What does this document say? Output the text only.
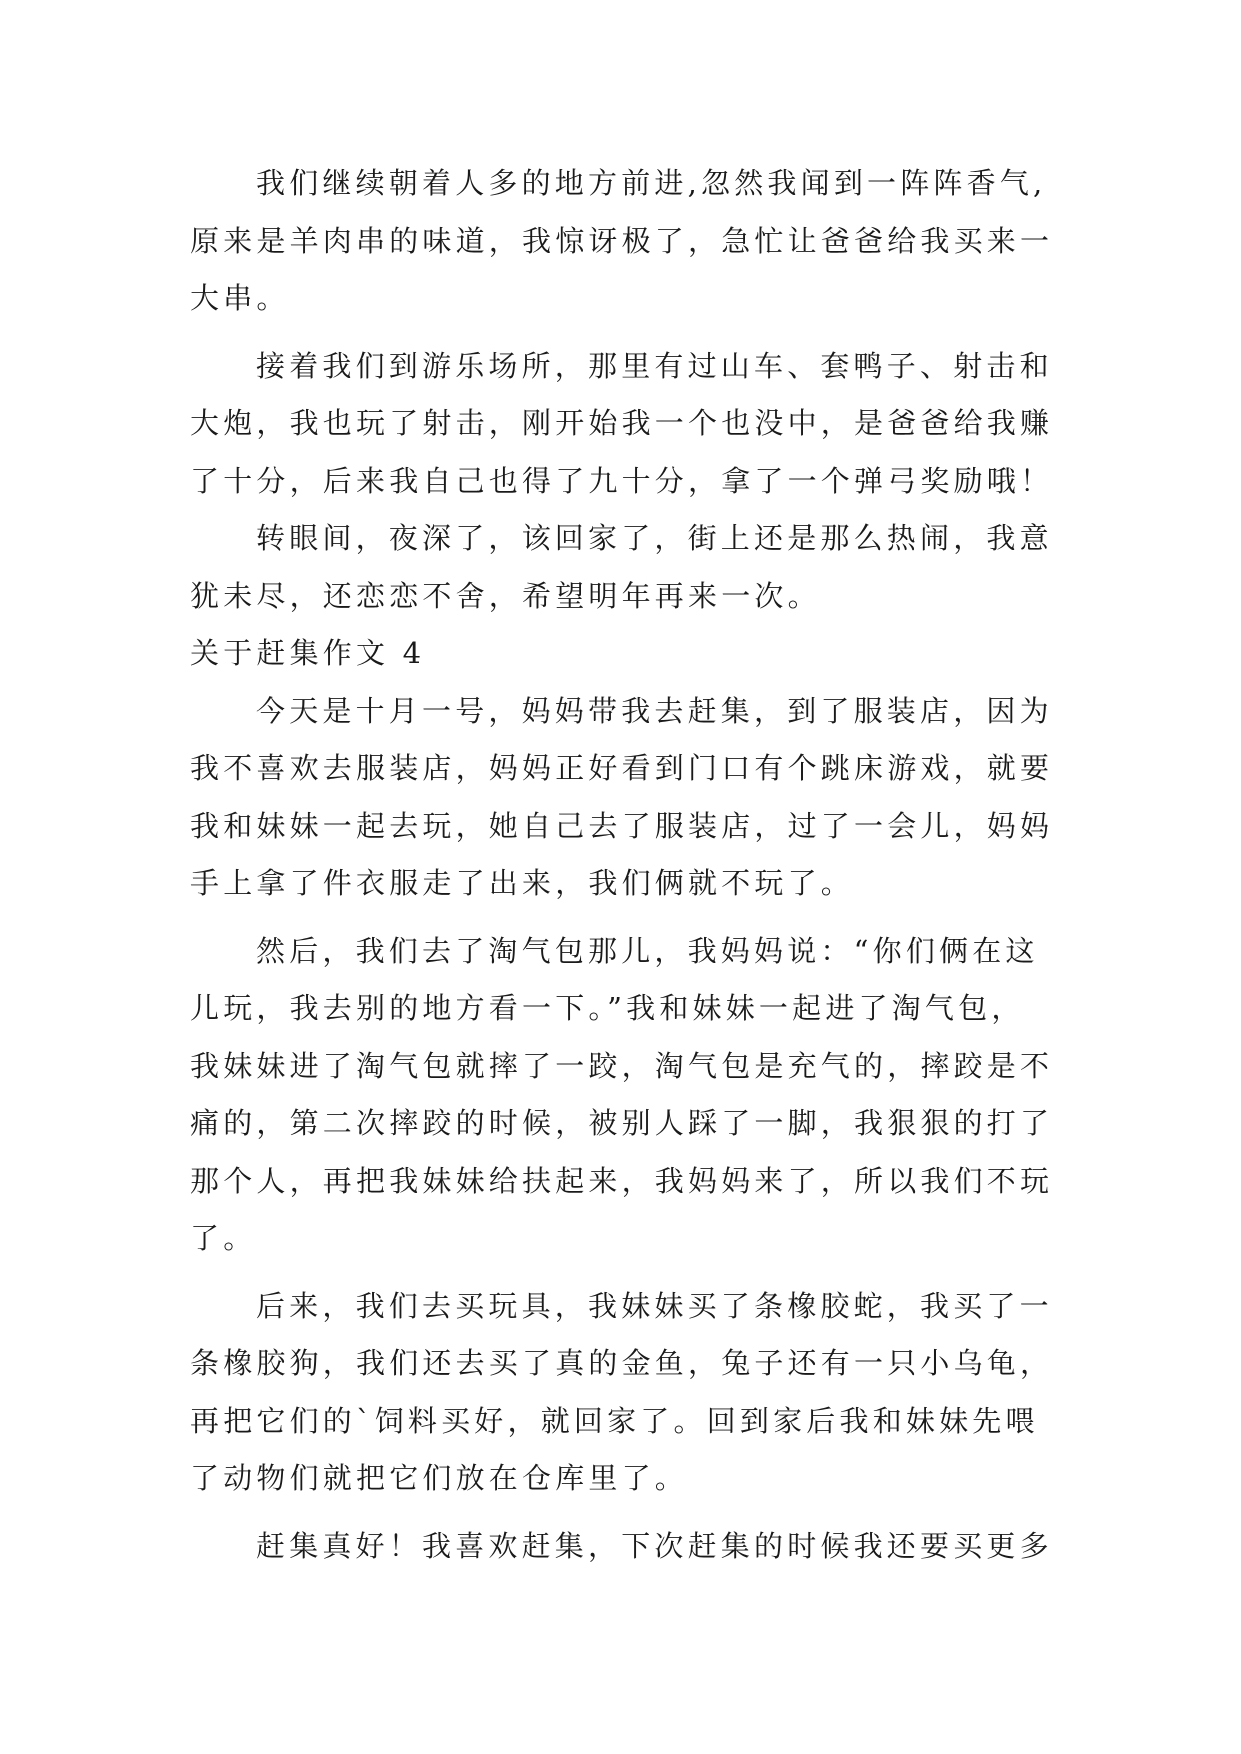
我们继续朝着人多的地方前进,忽然我闻到一阵阵香气,
原来是羊肉串的味道，我惊讶极了，急忙让爸爸给我买来一
大串。
接着我们到游乐场所，那里有过山车、套鸭子、射击和
大炮，我也玩了射击，刚开始我一个也没中，是爸爸给我赚
了十分，后来我自己也得了九十分，拿了一个弹弓奖励哦！
转眼间，夜深了，该回家了，街上还是那么热闹，我意
犹未尽，还恋恋不舍，希望明年再来一次。
关于赶集作文 4
今天是十月一号，妈妈带我去赶集，到了服装店，因为
我不喜欢去服装店，妈妈正好看到门口有个跳床游戏，就要
我和妹妹一起去玩，她自己去了服装店，过了一会儿，妈妈
手上拿了件衣服走了出来，我们俩就不玩了。
然后，我们去了淘气包那儿，我妈妈说：“你们俩在这
儿玩，我去别的地方看一下。”我和妹妹一起进了淘气包，
我妹妹进了淘气包就摔了一跤，淘气包是充气的，摔跤是不
痛的，第二次摔跤的时候，被别人踩了一脚，我狠狠的打了
那个人，再把我妹妹给扶起来，我妈妈来了，所以我们不玩
了。
后来，我们去买玩具，我妹妹买了条橡胶蛇，我买了一
条橡胶狗，我们还去买了真的金鱼，兔子还有一只小乌龟，
再把它们的`饲料买好，就回家了。回到家后我和妹妹先喂
了动物们就把它们放在仓库里了。
赶集真好！我喜欢赶集，下次赶集的时候我还要买更多
